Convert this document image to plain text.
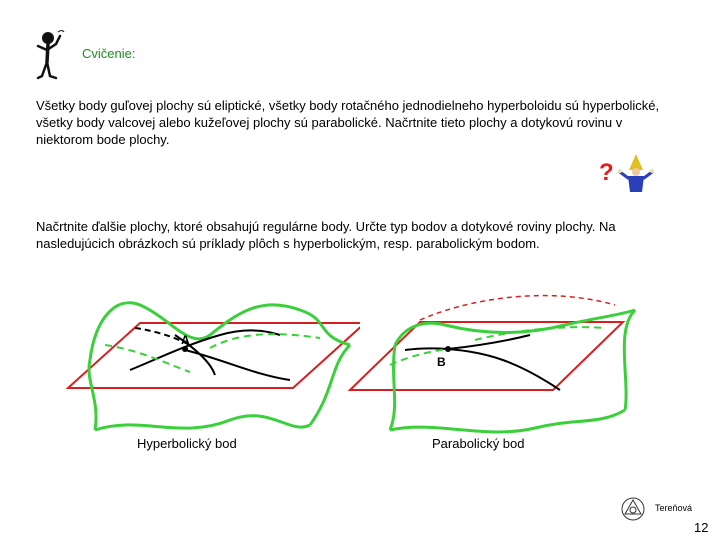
Cvičenie:
Všetky body guľovej plochy sú eliptické, všetky body rotačného jednodielneho hyperboloidu sú hyperbolické, všetky body valcovej alebo kužeľovej plochy sú parabolické. Načrtnite tieto plochy a dotykovú rovinu v niektorom bode plochy.
?
Načrtnite ďalšie plochy, ktoré obsahujú regulárne body. Určte typ bodov a dotykové roviny plochy. Na nasledujúcich obrázkoch sú príklady plôch s hyperbolickým, resp. parabolickým bodom.
A
Hyperbolický bod
B
Parabolický bod
Tereňová
12
